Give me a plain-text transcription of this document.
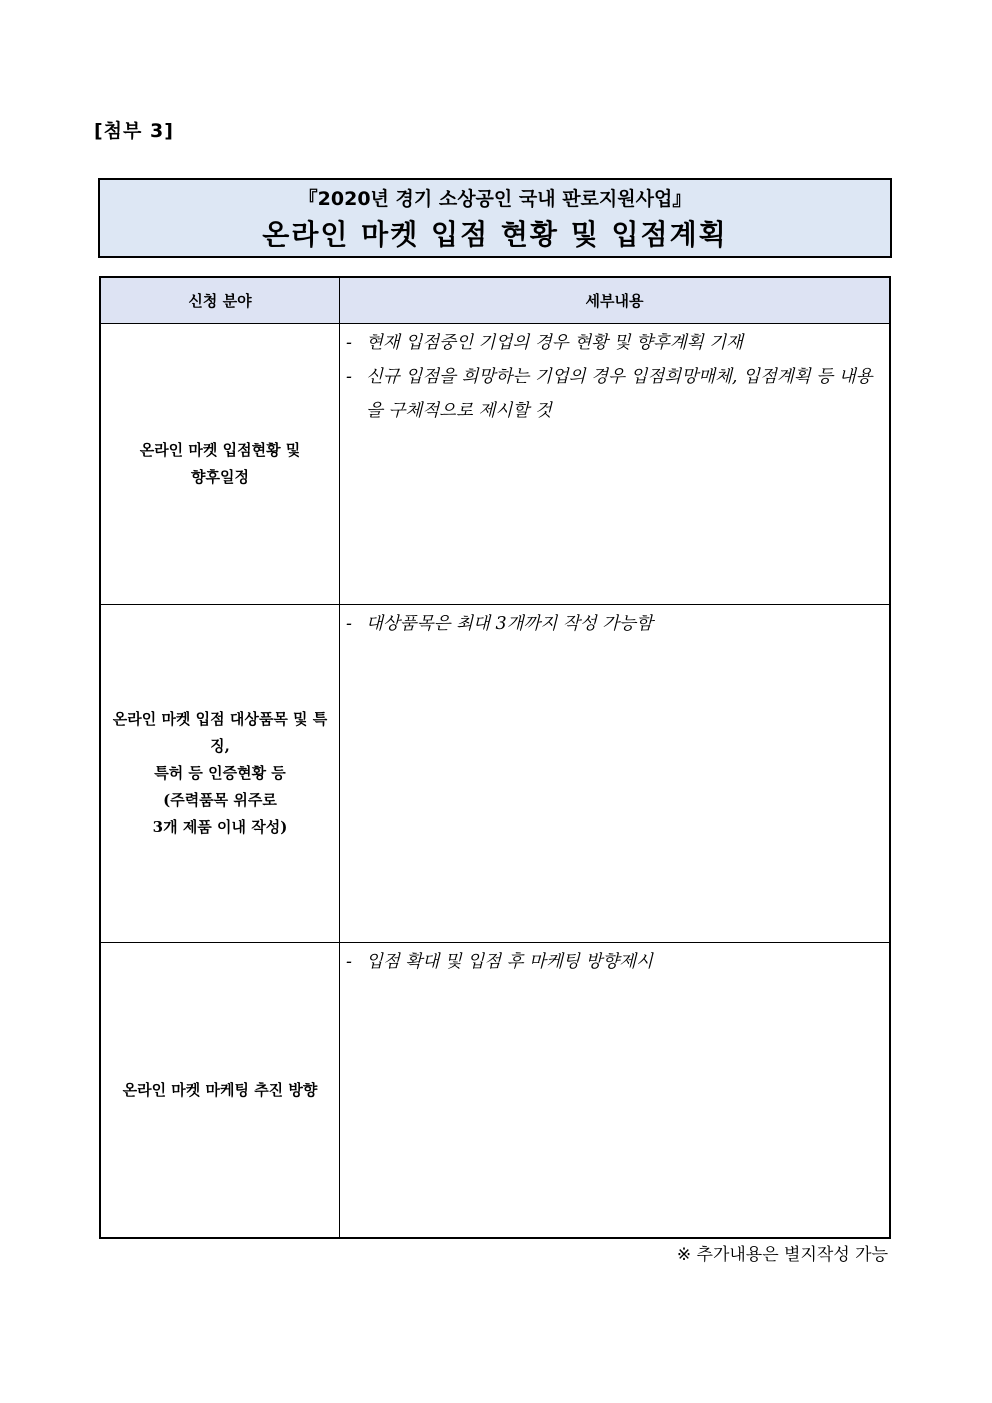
[첨부 3]
『2020년 경기 소상공인 국내 판로지원사업』
온라인 마켓 입점 현황 및 입점계획
신청 분야	세부내용
온라인 마켓 입점현황 및
향후일정	- 현재 입점중인 기업의 경우 현황 및 향후계획 기재
- 신규 입점을 희망하는 기업의 경우 입점희망매체, 입점계획 등 내용을 구체적으로 제시할 것

온라인 마켓 입점 대상품목 및 특징,
특허 등 인증현황 등
(주력품목 위주로
3개 제품 이내 작성)	- 대상품목은 최대 3개까지 작성 가능함

온라인 마켓 마케팅 추진 방향	- 입점 확대 및 입점 후 마케팅 방향제시
※ 추가내용은 별지작성 가능
